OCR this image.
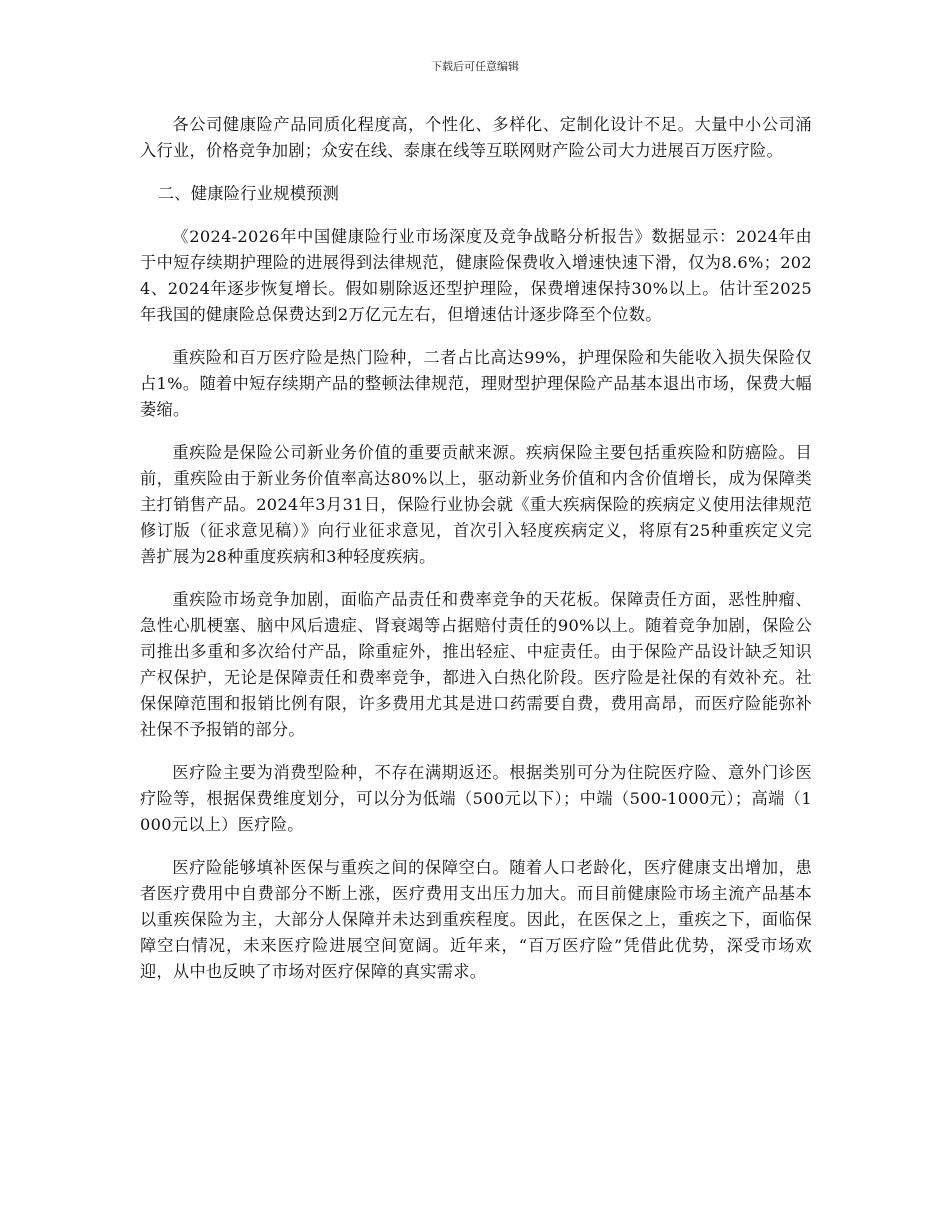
下载后可任意编辑

各公司健康险产品同质化程度高，个性化、多样化、定制化设计不足。大量中小公司涌入行业，价格竞争加剧；众安在线、泰康在线等互联网财产险公司大力进展百万医疗险。

二、健康险行业规模预测

《2024-2026年中国健康险行业市场深度及竞争战略分析报告》数据显示：2024年由于中短存续期护理险的进展得到法律规范，健康险保费收入增速快速下滑，仅为8.6%；2024、2024年逐步恢复增长。假如剔除返还型护理险，保费增速保持30%以上。估计至2025年我国的健康险总保费达到2万亿元左右，但增速估计逐步降至个位数。

重疾险和百万医疗险是热门险种，二者占比高达99%，护理保险和失能收入损失保险仅占1%。随着中短存续期产品的整顿法律规范，理财型护理保险产品基本退出市场，保费大幅萎缩。

重疾险是保险公司新业务价值的重要贡献来源。疾病保险主要包括重疾险和防癌险。目前，重疾险由于新业务价值率高达80%以上，驱动新业务价值和内含价值增长，成为保障类主打销售产品。2024年3月31日，保险行业协会就《重大疾病保险的疾病定义使用法律规范修订版（征求意见稿）》向行业征求意见，首次引入轻度疾病定义，将原有25种重疾定义完善扩展为28种重度疾病和3种轻度疾病。

重疾险市场竞争加剧，面临产品责任和费率竞争的天花板。保障责任方面，恶性肿瘤、急性心肌梗塞、脑中风后遗症、肾衰竭等占据赔付责任的90%以上。随着竞争加剧，保险公司推出多重和多次给付产品，除重症外，推出轻症、中症责任。由于保险产品设计缺乏知识产权保护，无论是保障责任和费率竞争，都进入白热化阶段。医疗险是社保的有效补充。社保保障范围和报销比例有限，许多费用尤其是进口药需要自费，费用高昂，而医疗险能弥补社保不予报销的部分。

医疗险主要为消费型险种，不存在满期返还。根据类别可分为住院医疗险、意外门诊医疗险等，根据保费维度划分，可以分为低端（500元以下）；中端（500-1000元）；高端（1000元以上）医疗险。

医疗险能够填补医保与重疾之间的保障空白。随着人口老龄化，医疗健康支出增加，患者医疗费用中自费部分不断上涨，医疗费用支出压力加大。而目前健康险市场主流产品基本以重疾保险为主，大部分人保障并未达到重疾程度。因此，在医保之上，重疾之下，面临保障空白情况，未来医疗险进展空间宽阔。近年来，“百万医疗险”凭借此优势，深受市场欢迎，从中也反映了市场对医疗保障的真实需求。
